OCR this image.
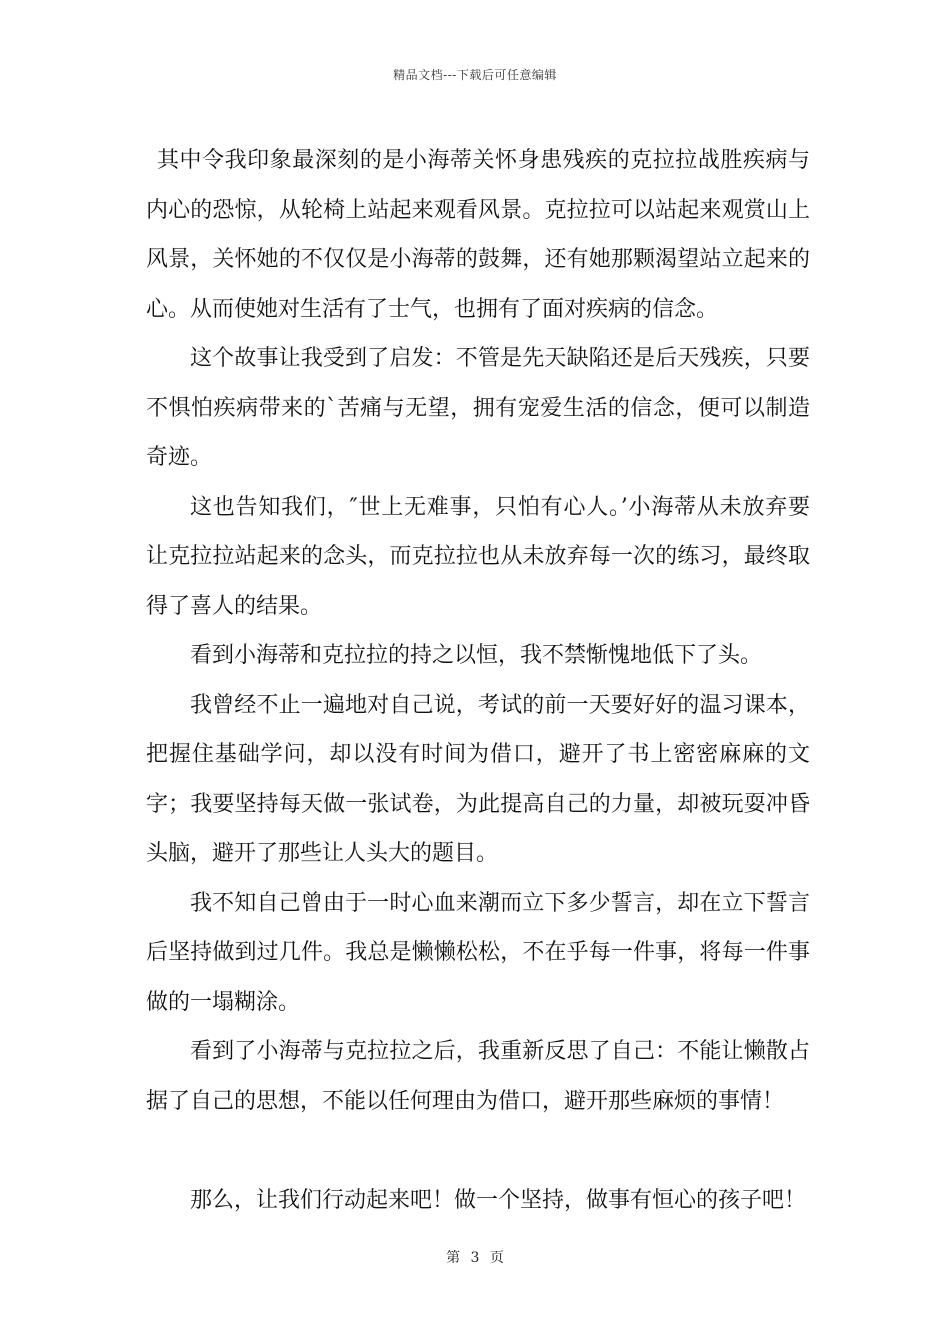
精品文档---下载后可任意编辑

其中令我印象最深刻的是小海蒂关怀身患残疾的克拉拉战胜疾病与内心的恐惊，从轮椅上站起来观看风景。克拉拉可以站起来观赏山上风景，关怀她的不仅仅是小海蒂的鼓舞，还有她那颗渴望站立起来的心。从而使她对生活有了士气，也拥有了面对疾病的信念。

这个故事让我受到了启发：不管是先天缺陷还是后天残疾，只要不惧怕疾病带来的`苦痛与无望，拥有宠爱生活的信念，便可以制造奇迹。

这也告知我们，″世上无难事，只怕有心人。’小海蒂从未放弃要让克拉拉站起来的念头，而克拉拉也从未放弃每一次的练习，最终取得了喜人的结果。

看到小海蒂和克拉拉的持之以恒，我不禁惭愧地低下了头。

我曾经不止一遍地对自己说，考试的前一天要好好的温习课本，把握住基础学问，却以没有时间为借口，避开了书上密密麻麻的文字；我要坚持每天做一张试卷，为此提高自己的力量，却被玩耍冲昏头脑，避开了那些让人头大的题目。

我不知自己曾由于一时心血来潮而立下多少誓言，却在立下誓言后坚持做到过几件。我总是懒懒松松，不在乎每一件事，将每一件事做的一塌糊涂。

看到了小海蒂与克拉拉之后，我重新反思了自己：不能让懒散占据了自己的思想，不能以任何理由为借口，避开那些麻烦的事情！

那么，让我们行动起来吧！做一个坚持，做事有恒心的孩子吧！

第 3 页
